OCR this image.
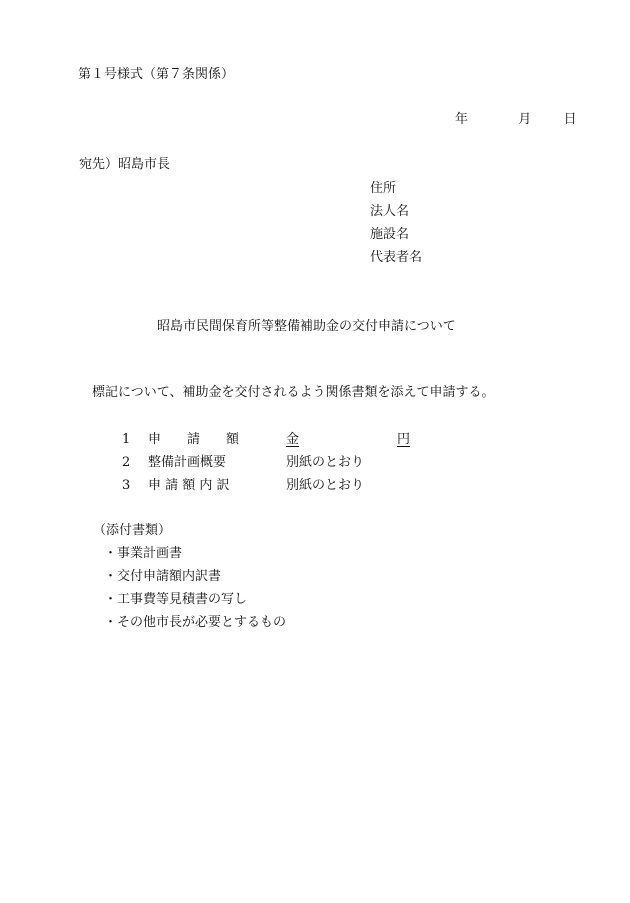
第１号様式（第７条関係）
年	月 日
宛先）昭島市長
住所
法人名
施設名
代表者名
昭島市民間保育所等整備補助金の交付申請について
標記について、補助金を交付されるよう関係書類を添えて申請する。
1 申　　請　　額	金	円
2 整備計画概要	別紙のとおり
3 申 請 額 内 訳	別紙のとおり
（添付書類）
・事業計画書
・交付申請額内訳書
・工事費等見積書の写し
・その他市長が必要とするもの
